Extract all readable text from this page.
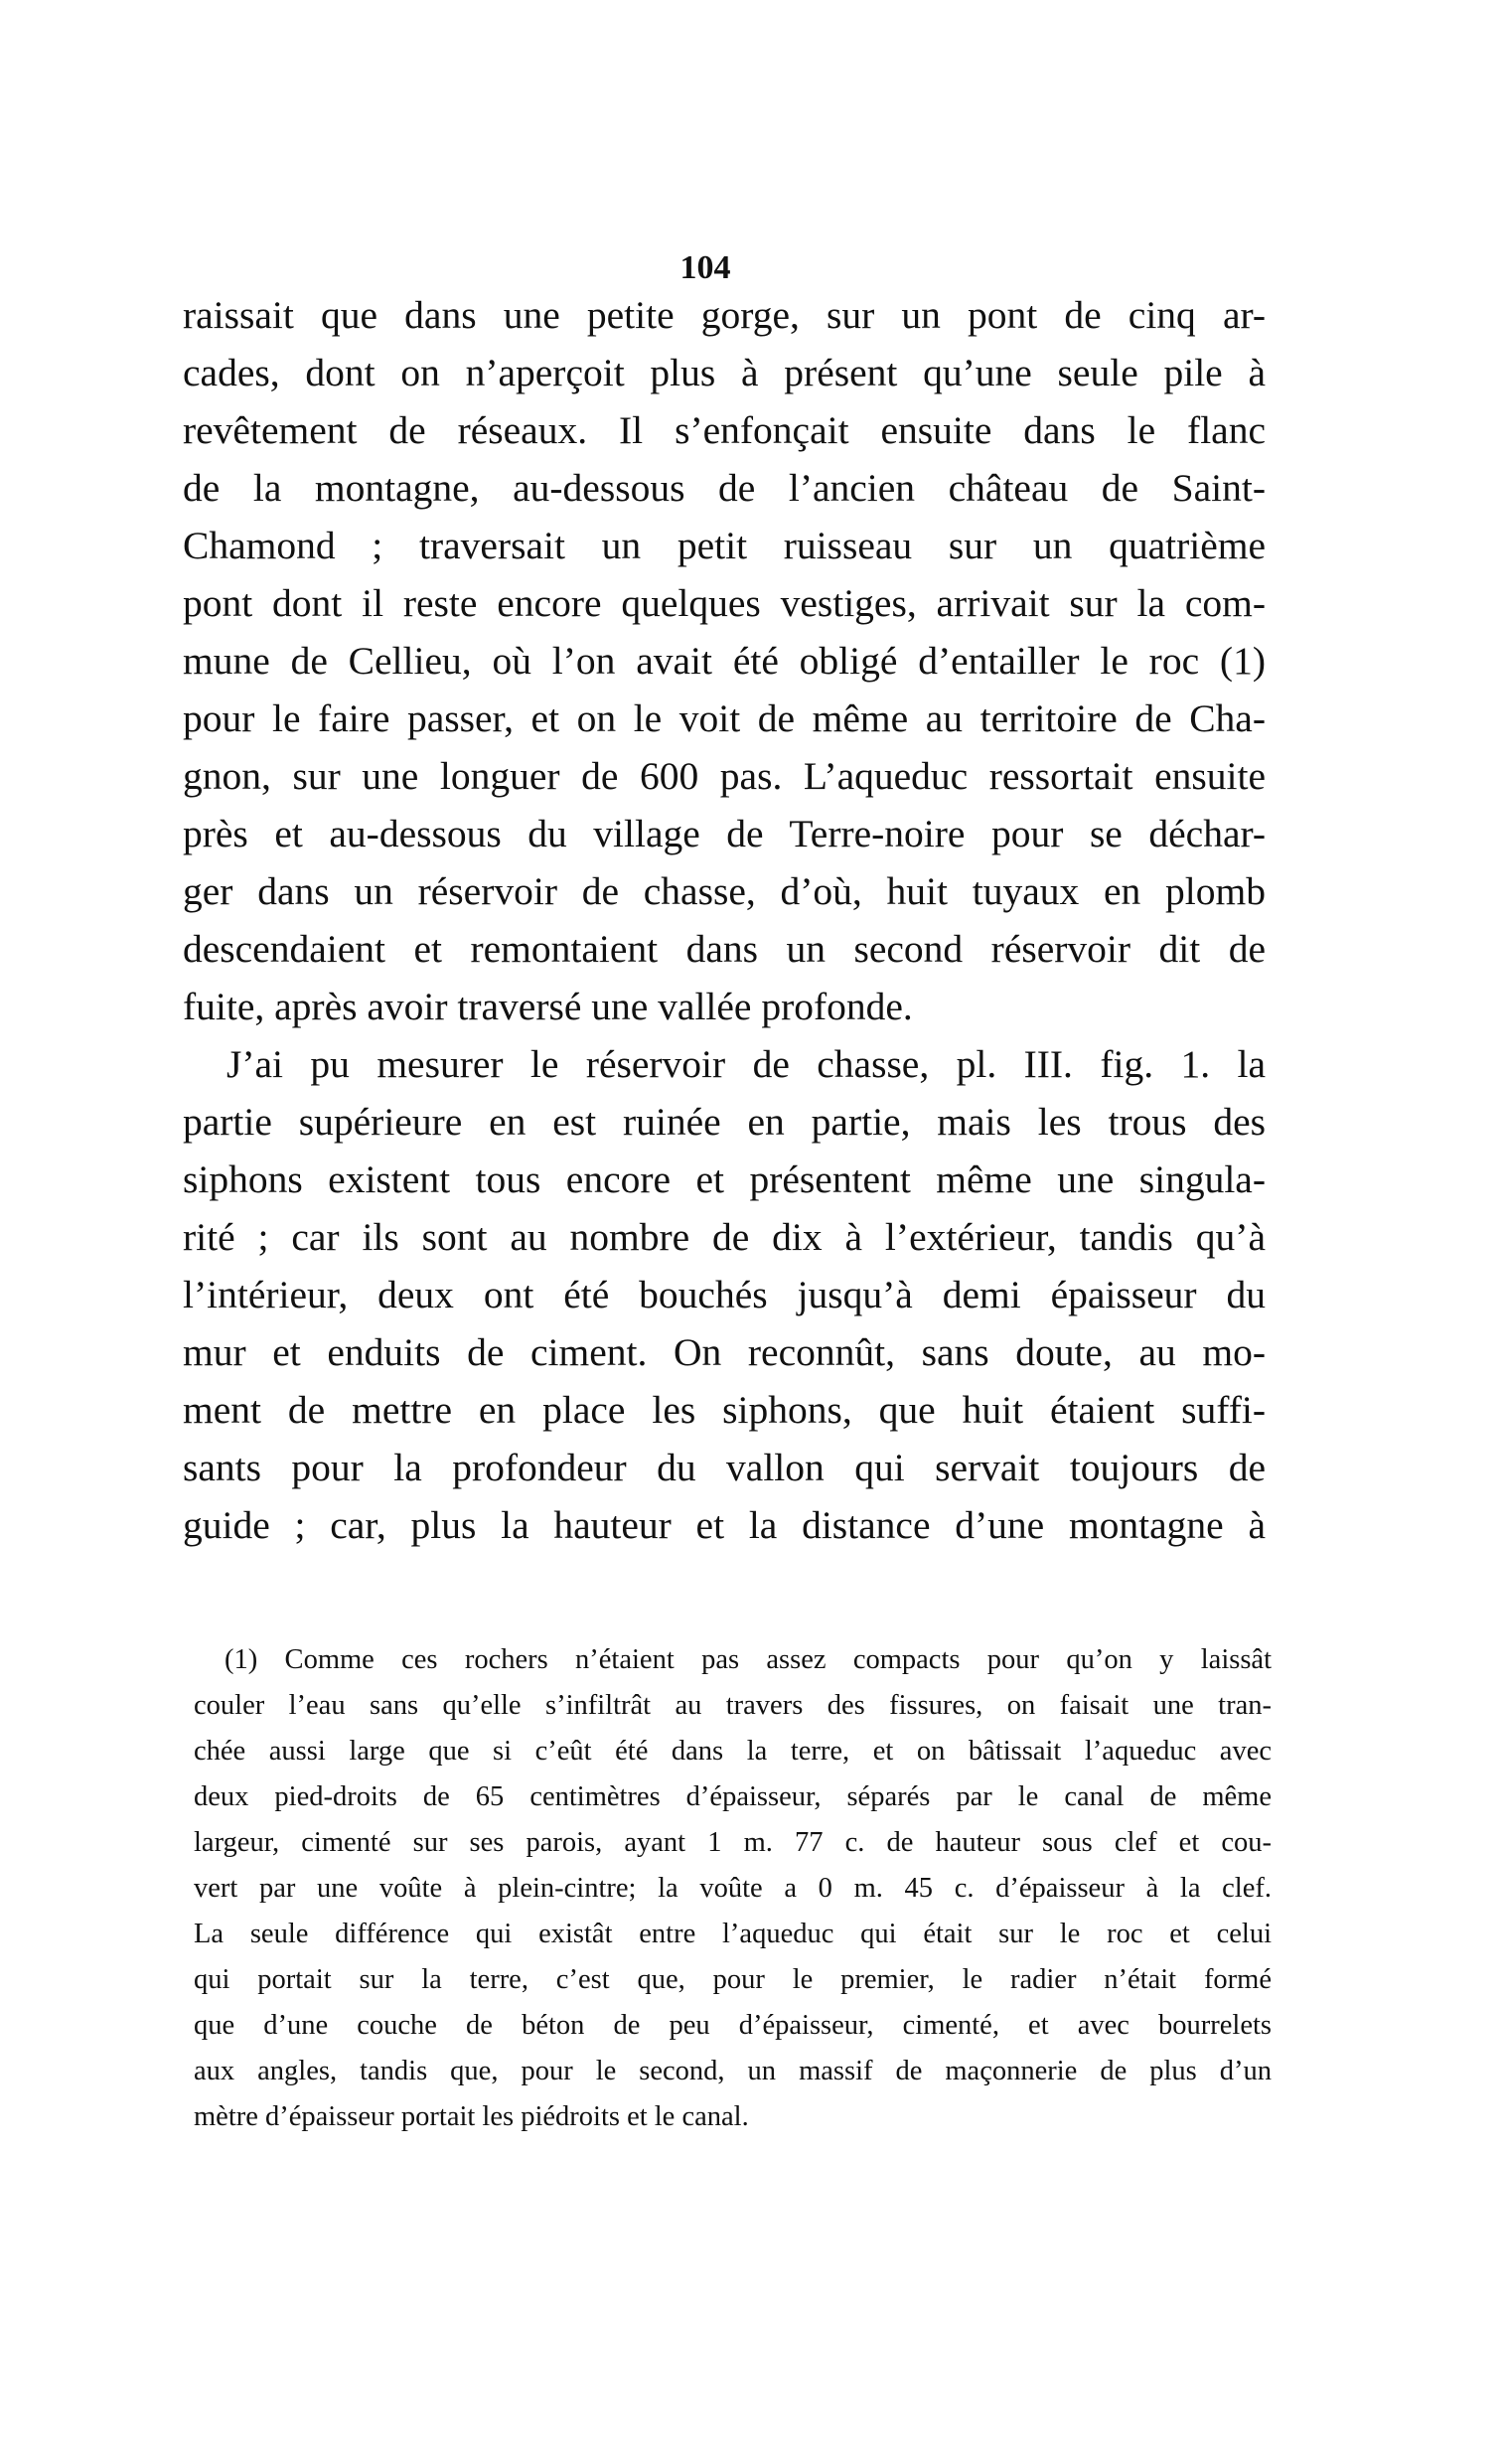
104
raissait que dans une petite gorge, sur un pont de cinq ar-
cades, dont on n’aperçoit plus à présent qu’une seule pile à
revêtement de réseaux. Il s’enfonçait ensuite dans le flanc
de la montagne, au-dessous de l’ancien château de Saint-
Chamond ; traversait un petit ruisseau sur un quatrième
pont dont il reste encore quelques vestiges, arrivait sur la com-
mune de Cellieu, où l’on avait été obligé d’entailler le roc (1)
pour le faire passer, et on le voit de même au territoire de Cha-
gnon, sur une longuer de 600 pas. L’aqueduc ressortait ensuite
près et au-dessous du village de Terre-noire pour se déchar-
ger dans un réservoir de chasse, d’où, huit tuyaux en plomb
descendaient et remontaient dans un second réservoir dit de
fuite, après avoir traversé une vallée profonde.
J’ai pu mesurer le réservoir de chasse, pl. III. fig. 1. la
partie supérieure en est ruinée en partie, mais les trous des
siphons existent tous encore et présentent même une singula-
rité ; car ils sont au nombre de dix à l’extérieur, tandis qu’à
l’intérieur, deux ont été bouchés jusqu’à demi épaisseur du
mur et enduits de ciment. On reconnût, sans doute, au mo-
ment de mettre en place les siphons, que huit étaient suffi-
sants pour la profondeur du vallon qui servait toujours de
guide ; car, plus la hauteur et la distance d’une montagne à
(1) Comme ces rochers n’étaient pas assez compacts pour qu’on y laissât
couler l’eau sans qu’elle s’infiltrât au travers des fissures, on faisait une tran-
chée aussi large que si c’eût été dans la terre, et on bâtissait l’aqueduc avec
deux pied-droits de 65 centimètres d’épaisseur, séparés par le canal de même
largeur, cimenté sur ses parois, ayant 1 m. 77 c. de hauteur sous clef et cou-
vert par une voûte à plein-cintre; la voûte a 0 m. 45 c. d’épaisseur à la clef.
La seule différence qui existât entre l’aqueduc qui était sur le roc et celui
qui portait sur la terre, c’est que, pour le premier, le radier n’était formé
que d’une couche de béton de peu d’épaisseur, cimenté, et avec bourrelets
aux angles, tandis que, pour le second, un massif de maçonnerie de plus d’un
mètre d’épaisseur portait les piédroits et le canal.
